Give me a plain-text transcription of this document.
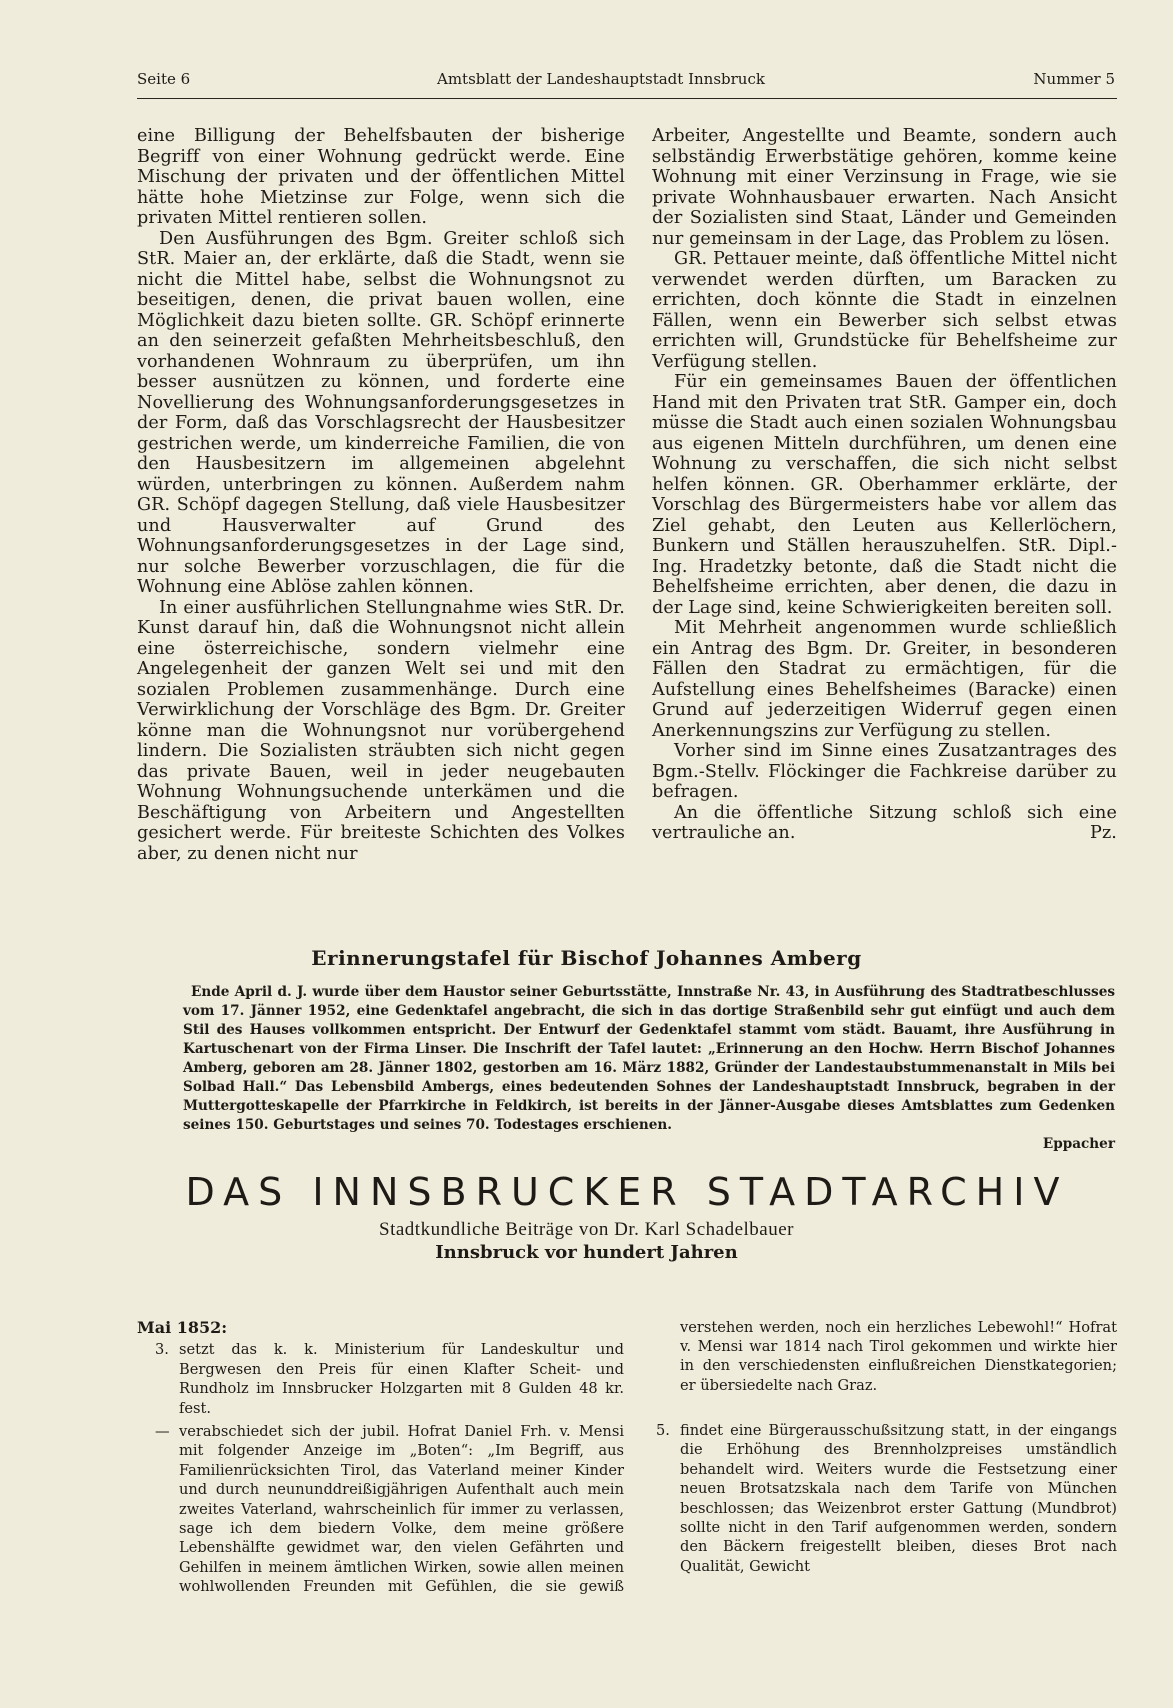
Seite 6	Amtsblatt der Landeshauptstadt Innsbruck	Nummer 5

eine Billigung der Behelfsbauten der bisherige Begriff von einer Wohnung gedrückt werde. Eine Mischung der privaten und der öffentlichen Mittel hätte hohe Mietzinse zur Folge, wenn sich die privaten Mittel rentieren sollen.

Den Ausführungen des Bgm. Greiter schloß sich StR. Maier an, der erklärte, daß die Stadt, wenn sie nicht die Mittel habe, selbst die Wohnungsnot zu beseitigen, denen, die privat bauen wollen, eine Möglichkeit dazu bieten sollte. GR. Schöpf erinnerte an den seinerzeit gefaßten Mehrheitsbeschluß, den vorhandenen Wohnraum zu überprüfen, um ihn besser ausnützen zu können, und forderte eine Novellierung des Wohnungsanforderungsgesetzes in der Form, daß das Vorschlagsrecht der Hausbesitzer gestrichen werde, um kinderreiche Familien, die von den Hausbesitzern im allgemeinen abgelehnt würden, unterbringen zu können. Außerdem nahm GR. Schöpf dagegen Stellung, daß viele Hausbesitzer und Hausverwalter auf Grund des Wohnungsanforderungsgesetzes in der Lage sind, nur solche Bewerber vorzuschlagen, die für die Wohnung eine Ablöse zahlen können.

In einer ausführlichen Stellungnahme wies StR. Dr. Kunst darauf hin, daß die Wohnungsnot nicht allein eine österreichische, sondern vielmehr eine Angelegenheit der ganzen Welt sei und mit den sozialen Problemen zusammenhänge. Durch eine Verwirklichung der Vorschläge des Bgm. Dr. Greiter könne man die Wohnungsnot nur vorübergehend lindern. Die Sozialisten sträubten sich nicht gegen das private Bauen, weil in jeder neugebauten Wohnung Wohnungsuchende unterkämen und die Beschäftigung von Arbeitern und Angestellten gesichert werde. Für breiteste Schichten des Volkes aber, zu denen nicht nur

Arbeiter, Angestellte und Beamte, sondern auch selbständig Erwerbstätige gehören, komme keine Wohnung mit einer Verzinsung in Frage, wie sie private Wohnhausbauer erwarten. Nach Ansicht der Sozialisten sind Staat, Länder und Gemeinden nur gemeinsam in der Lage, das Problem zu lösen.

GR. Pettauer meinte, daß öffentliche Mittel nicht verwendet werden dürften, um Baracken zu errichten, doch könnte die Stadt in einzelnen Fällen, wenn ein Bewerber sich selbst etwas errichten will, Grundstücke für Behelfsheime zur Verfügung stellen.

Für ein gemeinsames Bauen der öffentlichen Hand mit den Privaten trat StR. Gamper ein, doch müsse die Stadt auch einen sozialen Wohnungsbau aus eigenen Mitteln durchführen, um denen eine Wohnung zu verschaffen, die sich nicht selbst helfen können. GR. Oberhammer erklärte, der Vorschlag des Bürgermeisters habe vor allem das Ziel gehabt, den Leuten aus Kellerlöchern, Bunkern und Ställen herauszuhelfen. StR. Dipl.-Ing. Hradetzky betonte, daß die Stadt nicht die Behelfsheime errichten, aber denen, die dazu in der Lage sind, keine Schwierigkeiten bereiten soll.

Mit Mehrheit angenommen wurde schließlich ein Antrag des Bgm. Dr. Greiter, in besonderen Fällen den Stadrat zu ermächtigen, für die Aufstellung eines Behelfsheimes (Baracke) einen Grund auf jederzeitigen Widerruf gegen einen Anerkennungszins zur Verfügung zu stellen.

Vorher sind im Sinne eines Zusatzantrages des Bgm.-Stellv. Flöckinger die Fachkreise darüber zu befragen.

An die öffentliche Sitzung schloß sich eine vertrauliche an.	Pz.

Erinnerungstafel für Bischof Johannes Amberg

Ende April d. J. wurde über dem Haustor seiner Geburtsstätte, Innstraße Nr. 43, in Ausführung des Stadtratbeschlusses vom 17. Jänner 1952, eine Gedenktafel angebracht, die sich in das dortige Straßenbild sehr gut einfügt und auch dem Stil des Hauses vollkommen entspricht. Der Entwurf der Gedenktafel stammt vom städt. Bauamt, ihre Ausführung in Kartuschenart von der Firma Linser. Die Inschrift der Tafel lautet: „Erinnerung an den Hochw. Herrn Bischof Johannes Amberg, geboren am 28. Jänner 1802, gestorben am 16. März 1882, Gründer der Landestaubstummenanstalt in Mils bei Solbad Hall.“ Das Lebensbild Ambergs, eines bedeutenden Sohnes der Landeshauptstadt Innsbruck, begraben in der Muttergotteskapelle der Pfarrkirche in Feldkirch, ist bereits in der Jänner-Ausgabe dieses Amtsblattes zum Gedenken seines 150. Geburtstages und seines 70. Todestages erschienen.

Eppacher
DAS INNSBRUCKER STADTARCHIV
Stadtkundliche Beiträge von Dr. Karl Schadelbauer
Innsbruck vor hundert Jahren
Mai 1852:
3. setzt das k. k. Ministerium für Landeskultur und Bergwesen den Preis für einen Klafter Scheit- und Rundholz im Innsbrucker Holzgarten mit 8 Gulden 48 kr. fest.
— verabschiedet sich der jubil. Hofrat Daniel Frh. v. Mensi mit folgender Anzeige im „Boten“: „Im Begriff, aus Familienrücksichten Tirol, das Vaterland meiner Kinder und durch neununddreißigjährigen Aufenthalt auch mein zweites Vaterland, wahrscheinlich für immer zu verlassen, sage ich dem biedern Volke, dem meine größere Lebenshälfte gewidmet war, den vielen Gefährten und Gehilfen in meinem ämtlichen Wirken, sowie allen meinen wohlwollenden Freunden mit Gefühlen, die sie gewiß
verstehen werden, noch ein herzliches Lebewohl!“ Hofrat v. Mensi war 1814 nach Tirol gekommen und wirkte hier in den verschiedensten einflußreichen Dienstkategorien; er übersiedelte nach Graz.
5. findet eine Bürgerausschußsitzung statt, in der eingangs die Erhöhung des Brennholzpreises umständlich behandelt wird. Weiters wurde die Festsetzung einer neuen Brotsatzskala nach dem Tarife von München beschlossen; das Weizenbrot erster Gattung (Mundbrot) sollte nicht in den Tarif aufgenommen werden, sondern den Bäckern freigestellt bleiben, dieses Brot nach Qualität, Gewicht
